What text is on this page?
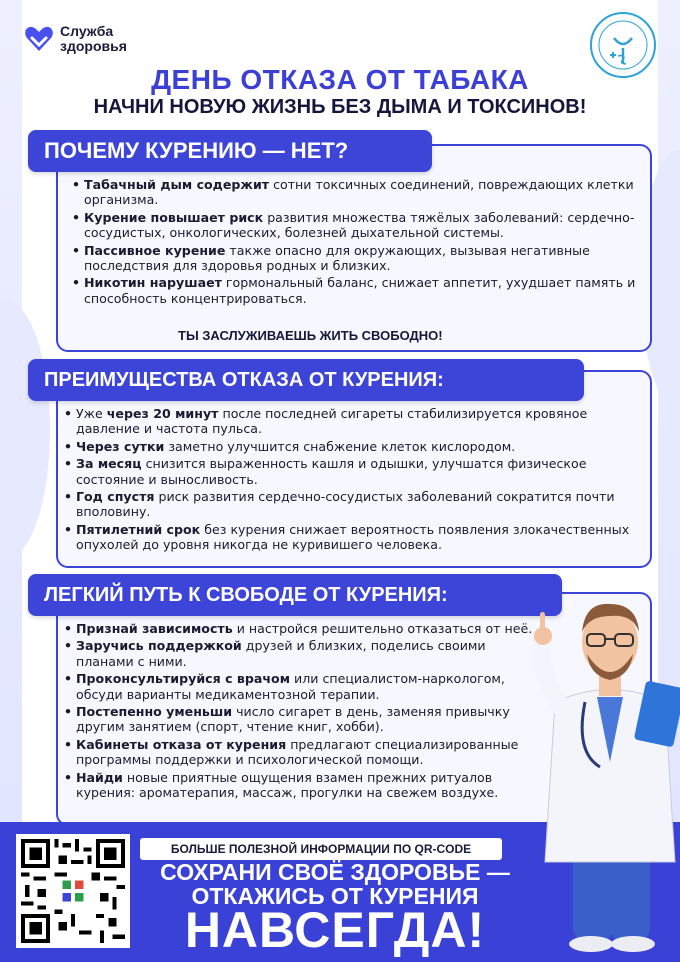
Служба
здоровья
ДЕНЬ ОТКАЗА ОТ ТАБАКА
НАЧНИ НОВУЮ ЖИЗНЬ БЕЗ ДЫМА И ТОКСИНОВ!
ПОЧЕМУ КУРЕНИЮ — НЕТ?
• Табачный дым содержит сотни токсичных соединений, повреждающих клетки организма.
• Курение повышает риск развития множества тяжёлых заболеваний: сердечно-сосудистых, онкологических, болезней дыхательной системы.
• Пассивное курение также опасно для окружающих, вызывая негативные последствия для здоровья родных и близких.
• Никотин нарушает гормональный баланс, снижает аппетит, ухудшает память и способность концентрироваться.
ТЫ ЗАСЛУЖИВАЕШЬ ЖИТЬ СВОБОДНО!
ПРЕИМУЩЕСТВА ОТКАЗА ОТ КУРЕНИЯ:
• Уже через 20 минут после последней сигареты стабилизируется кровяное давление и частота пульса.
• Через сутки заметно улучшится снабжение клеток кислородом.
• За месяц снизится выраженность кашля и одышки, улучшатся физическое состояние и выносливость.
• Год спустя риск развития сердечно-сосудистых заболеваний сократится почти вполовину.
• Пятилетний срок без курения снижает вероятность появления злокачественных опухолей до уровня никогда не куривишего человека.
ЛЕГКИЙ ПУТЬ К СВОБОДЕ ОТ КУРЕНИЯ:
• Признай зависимость и настройся решительно отказаться от неё.
• Заручись поддержкой друзей и близких, поделись своими планами с ними.
• Проконсультируйся с врачом или специалистом-наркологом, обсуди варианты медикаментозной терапии.
• Постепенно уменьши число сигарет в день, заменяя привычку другим занятием (спорт, чтение книг, хобби).
• Кабинеты отказа от курения предлагают специализированные программы поддержки и психологической помощи.
• Найди новые приятные ощущения взамен прежних ритуалов курения: ароматерапия, массаж, прогулки на свежем воздухе.
БОЛЬШЕ ПОЛЕЗНОЙ ИНФОРМАЦИИ ПО QR-CODE
СОХРАНИ СВОЁ ЗДОРОВЬЕ —
ОТКАЖИСЬ ОТ КУРЕНИЯ
НАВСЕГДА!
